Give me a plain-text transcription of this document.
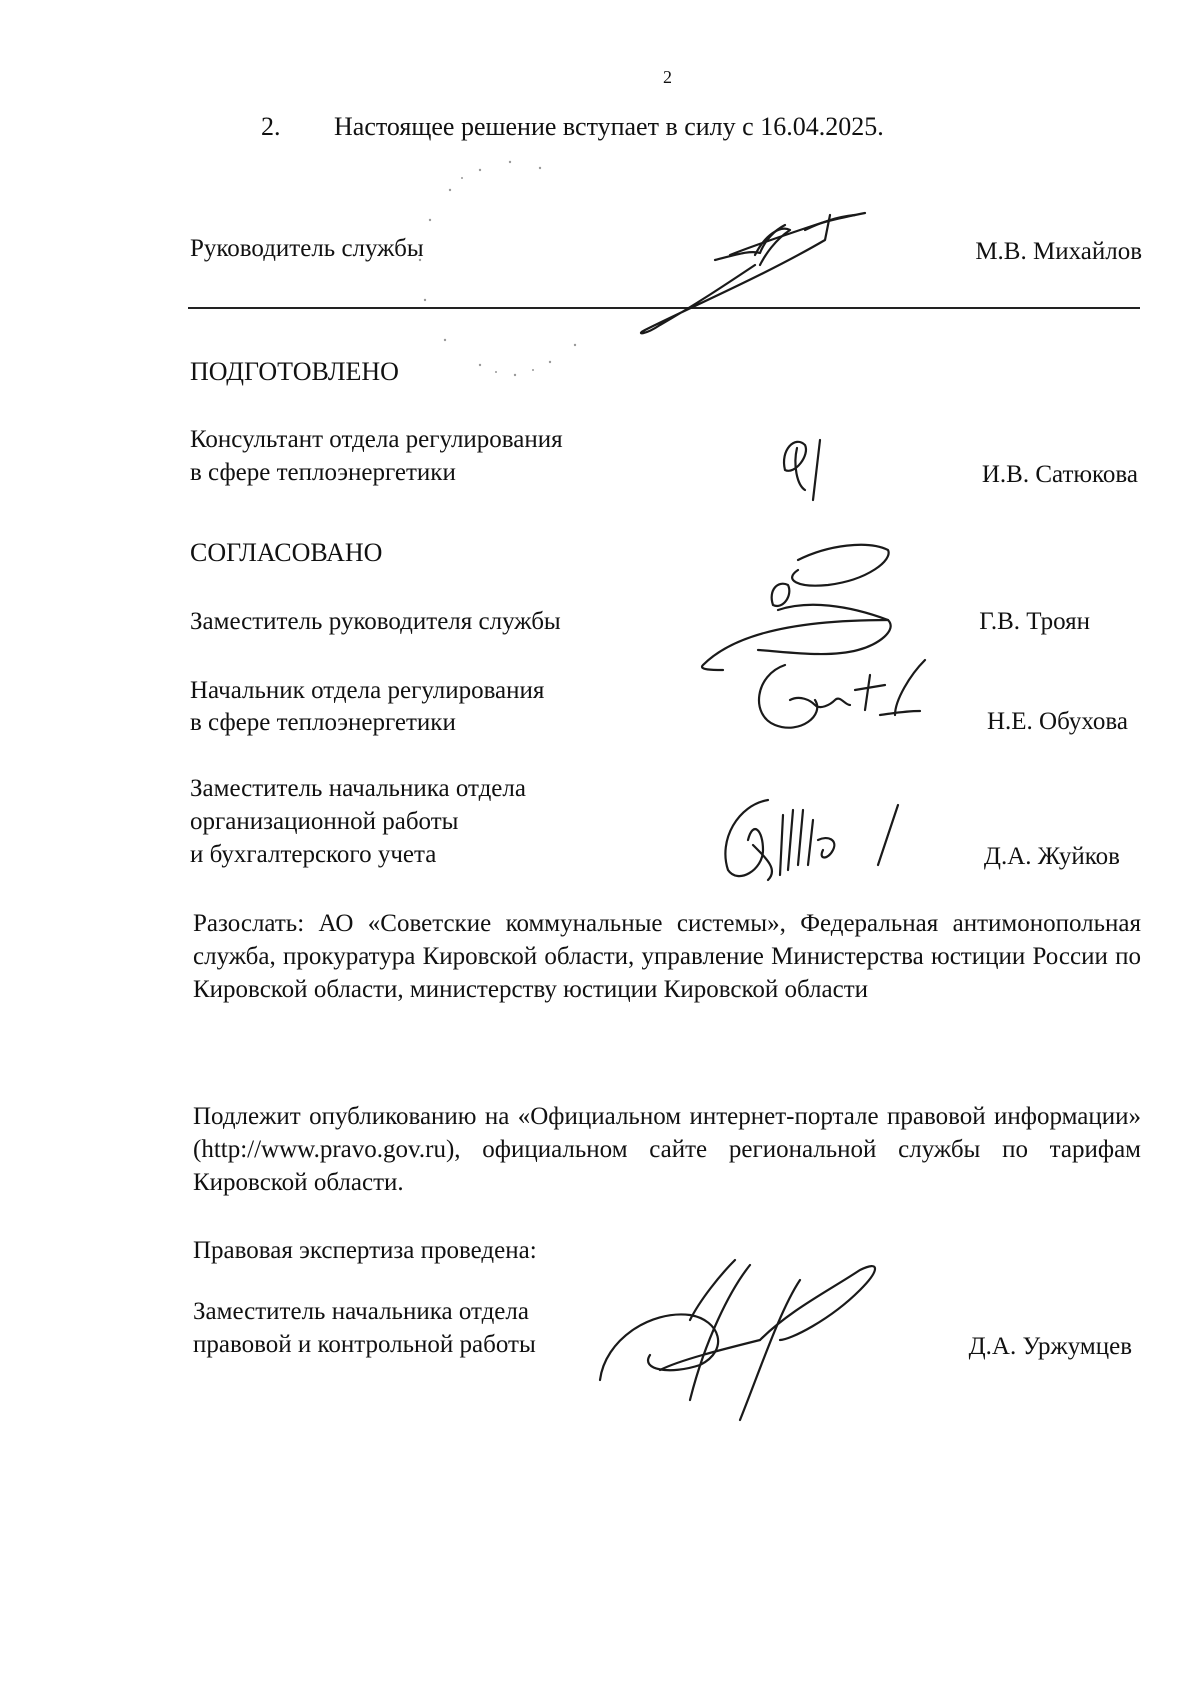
2
2. Настоящее решение вступает в силу с 16.04.2025.
Руководитель службы	М.В. Михайлов
ПОДГОТОВЛЕНО
Консультант отдела регулирования
в сфере теплоэнергетики	И.В. Сатюкова
СОГЛАСОВАНО
Заместитель руководителя службы	Г.В. Троян
Начальник отдела регулирования
в сфере теплоэнергетики	Н.Е. Обухова
Заместитель начальника отдела
организационной работы
и бухгалтерского учета	Д.А. Жуйков
Разослать: АО «Советские коммунальные системы», Федеральная антимонопольная служба, прокуратура Кировской области, управление Министерства юстиции России по Кировской области, министерству юстиции Кировской области
Подлежит опубликованию на «Официальном интернет-портале правовой информации» (http://www.pravo.gov.ru), официальном сайте региональной службы по тарифам Кировской области.
Правовая экспертиза проведена:
Заместитель начальника отдела
правовой и контрольной работы	Д.А. Уржумцев
